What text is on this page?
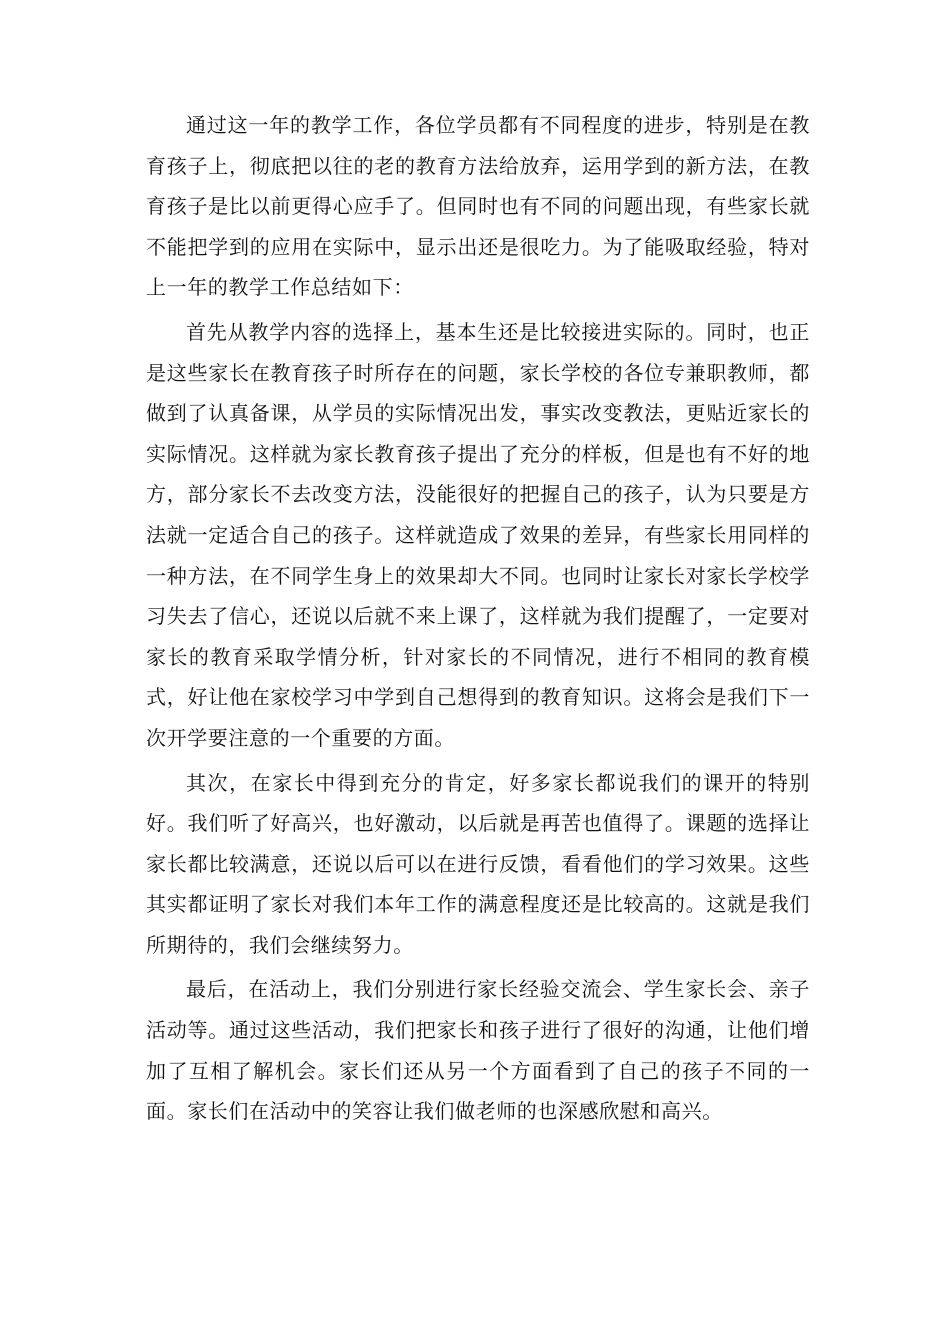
通过这一年的教学工作，各位学员都有不同程度的进步，特别是在教育孩子上，彻底把以往的老的教育方法给放弃，运用学到的新方法，在教育孩子是比以前更得心应手了。但同时也有不同的问题出现，有些家长就不能把学到的应用在实际中，显示出还是很吃力。为了能吸取经验，特对上一年的教学工作总结如下：

首先从教学内容的选择上，基本生还是比较接进实际的。同时，也正是这些家长在教育孩子时所存在的问题，家长学校的各位专兼职教师，都做到了认真备课，从学员的实际情况出发，事实改变教法，更贴近家长的实际情况。这样就为家长教育孩子提出了充分的样板，但是也有不好的地方，部分家长不去改变方法，没能很好的把握自己的孩子，认为只要是方法就一定适合自己的孩子。这样就造成了效果的差异，有些家长用同样的一种方法，在不同学生身上的效果却大不同。也同时让家长对家长学校学习失去了信心，还说以后就不来上课了，这样就为我们提醒了，一定要对家长的教育采取学情分析，针对家长的不同情况，进行不相同的教育模式，好让他在家校学习中学到自己想得到的教育知识。这将会是我们下一次开学要注意的一个重要的方面。

其次，在家长中得到充分的肯定，好多家长都说我们的课开的特别好。我们听了好高兴，也好激动，以后就是再苦也值得了。课题的选择让家长都比较满意，还说以后可以在进行反馈，看看他们的学习效果。这些其实都证明了家长对我们本年工作的满意程度还是比较高的。这就是我们所期待的，我们会继续努力。

最后，在活动上，我们分别进行家长经验交流会、学生家长会、亲子活动等。通过这些活动，我们把家长和孩子进行了很好的沟通，让他们增加了互相了解机会。家长们还从另一个方面看到了自己的孩子不同的一面。家长们在活动中的笑容让我们做老师的也深感欣慰和高兴。
